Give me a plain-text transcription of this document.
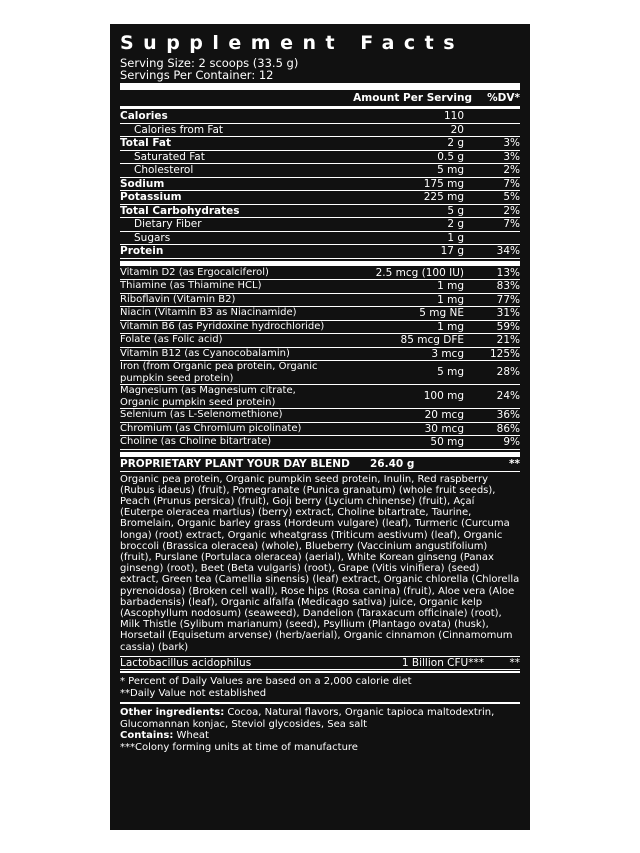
Supplement Facts
Serving Size: 2 scoops (33.5 g)
Servings Per Container: 12
Amount Per Serving	%DV*
Calories	110
Calories from Fat	20
Total Fat	2 g	3%
Saturated Fat	0.5 g	3%
Cholesterol	5 mg	2%
Sodium	175 mg	7%
Potassium	225 mg	5%
Total Carbohydrates	5 g	2%
Dietary Fiber	2 g	7%
Sugars	1 g
Protein	17 g	34%
Vitamin D2 (as Ergocalciferol)	2.5 mcg (100 IU)	13%
Thiamine (as Thiamine HCL)	1 mg	83%
Riboflavin (Vitamin B2)	1 mg	77%
Niacin (Vitamin B3 as Niacinamide)	5 mg NE	31%
Vitamin B6 (as Pyridoxine hydrochloride)	1 mg	59%
Folate (as Folic acid)	85 mcg DFE	21%
Vitamin B12 (as Cyanocobalamin)	3 mcg	125%
Iron (from Organic pea protein, Organic
pumpkin seed protein)
5 mg	28%
Magnesium (as Magnesium citrate,
Organic pumpkin seed protein)
100 mg	24%
Selenium (as L-Selenomethione)	20 mcg	36%
Chromium (as Chromium picolinate)	30 mcg	86%
Choline (as Choline bitartrate)	50 mg	9%
PROPRIETARY PLANT YOUR DAY BLEND	26.40 g	**
Organic pea protein, Organic pumpkin seed protein, Inulin, Red raspberry (Rubus idaeus) (fruit), Pomegranate (Punica granatum) (whole fruit seeds), Peach (Prunus persica) (fruit), Goji berry (Lycium chinense) (fruit), Açaí (Euterpe oleracea martius) (berry) extract, Choline bitartrate, Taurine, Bromelain, Organic barley grass (Hordeum vulgare) (leaf), Turmeric (Curcuma longa) (root) extract, Organic wheatgrass (Triticum aestivum) (leaf), Organic broccoli (Brassica oleracea) (whole), Blueberry (Vaccinium angustifolium) (fruit), Purslane (Portulaca oleracea) (aerial), White Korean ginseng (Panax ginseng) (root), Beet (Beta vulgaris) (root), Grape (Vitis vinifiera) (seed) extract, Green tea (Camellia sinensis) (leaf) extract, Organic chlorella (Chlorella pyrenoidosa) (Broken cell wall), Rose hips (Rosa canina) (fruit), Aloe vera (Aloe barbadensis) (leaf), Organic alfalfa (Medicago sativa) juice, Organic kelp (Ascophyllum nodosum) (seaweed), Dandelion (Taraxacum officinale) (root), Milk Thistle (Sylibum marianum) (seed), Psyllium (Plantago ovata) (husk), Horsetail (Equisetum arvense) (herb/aerial), Organic cinnamon (Cinnamomum cassia) (bark)
Lactobacillus acidophilus	1 Billion CFU***	**
* Percent of Daily Values are based on a 2,000 calorie diet
**Daily Value not established
Other ingredients: Cocoa, Natural flavors, Organic tapioca maltodextrin, Glucomannan konjac, Steviol glycosides, Sea salt
Contains: Wheat
***Colony forming units at time of manufacture
